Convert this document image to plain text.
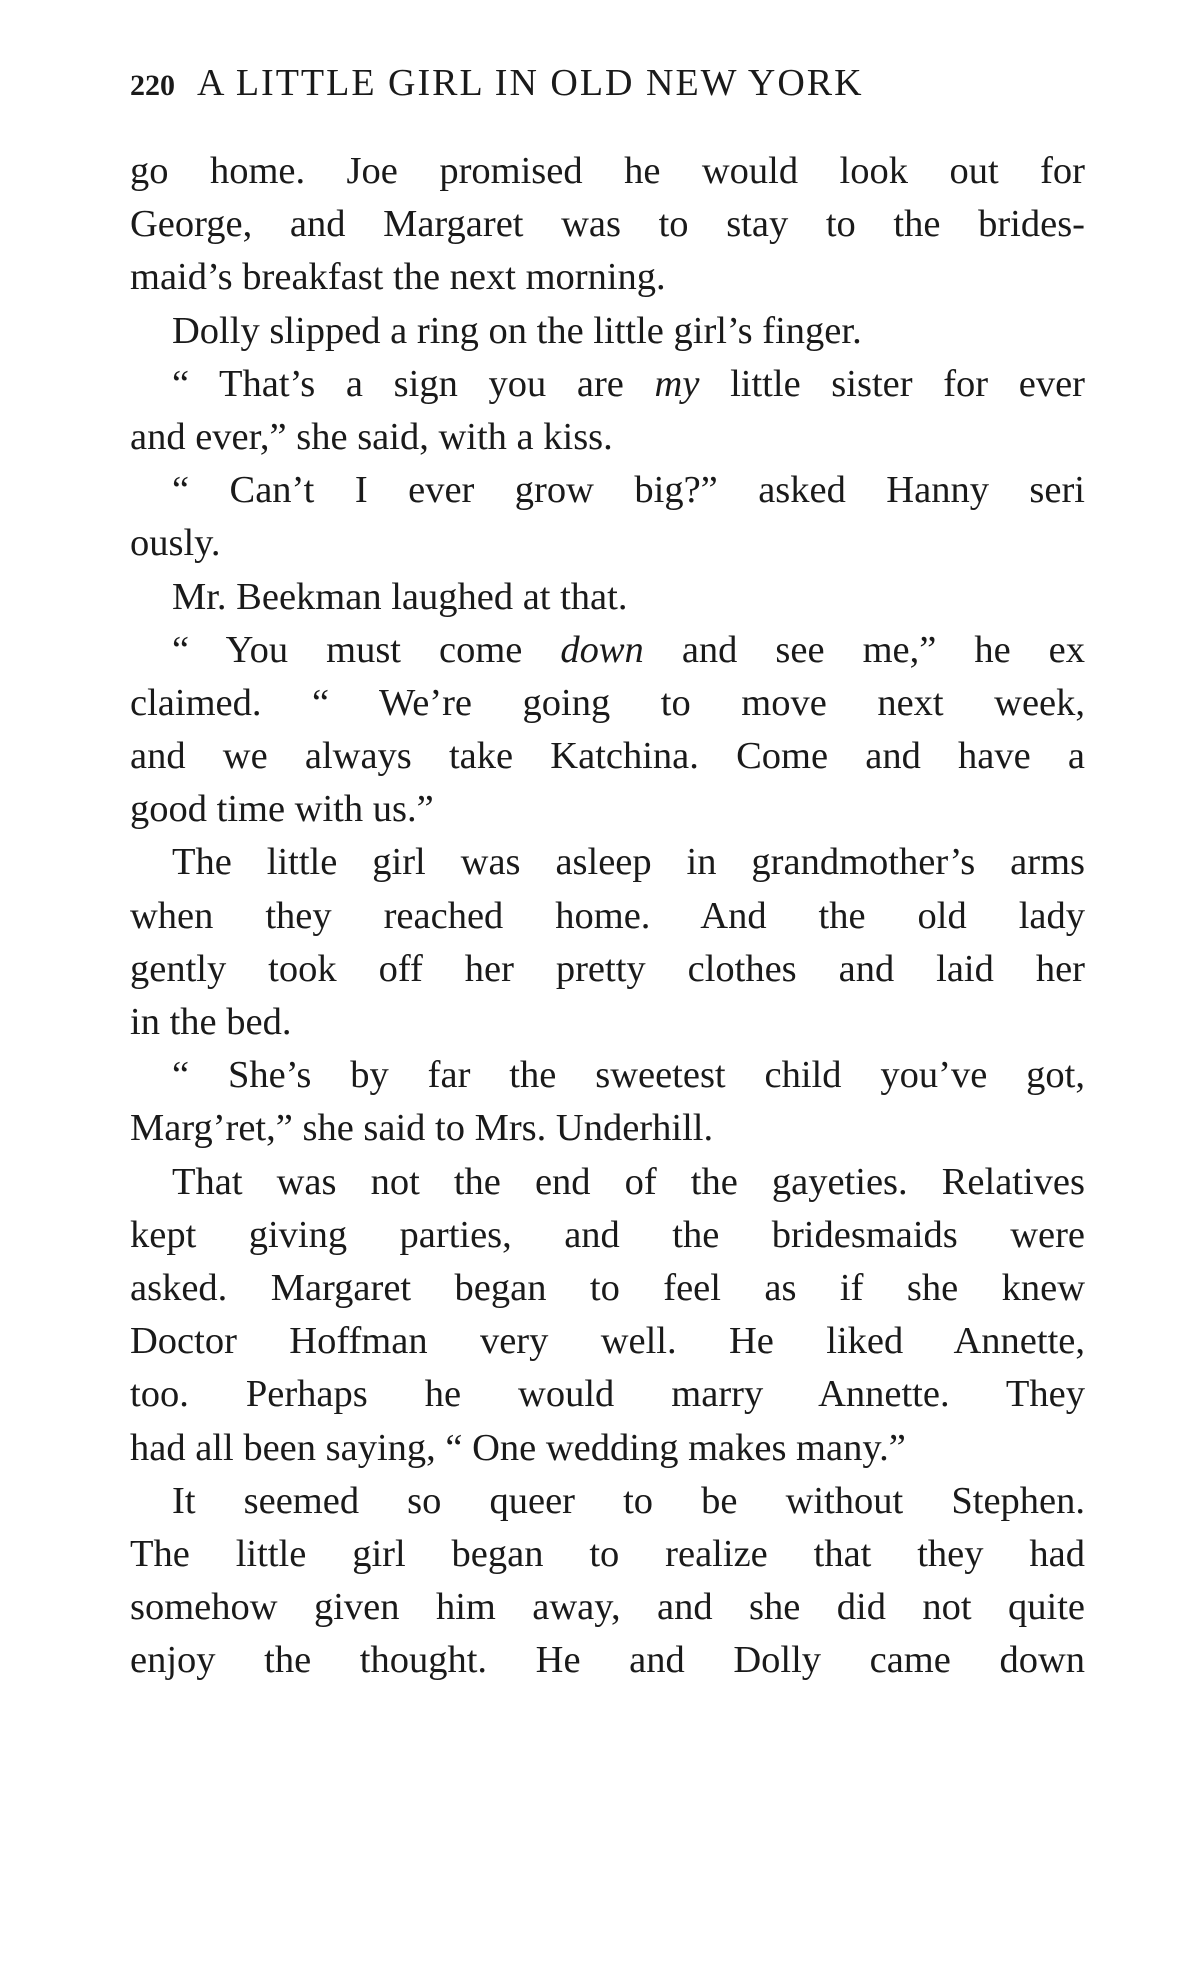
220 A LITTLE GIRL IN OLD NEW YORK
go home. Joe promised he would look out for
George, and Margaret was to stay to the brides-
maid’s breakfast the next morning.
Dolly slipped a ring on the little girl’s finger.
“ That’s a sign you are my little sister for ever
and ever,” she said, with a kiss.
“ Can’t I ever grow big?” asked Hanny seri
ously.
Mr. Beekman laughed at that.
“ You must come down and see me,” he ex
claimed. “ We’re going to move next week,
and we always take Katchina. Come and have a
good time with us.”
The little girl was asleep in grandmother’s arms
when they reached home. And the old lady
gently took off her pretty clothes and laid her
in the bed.
“ She’s by far the sweetest child you’ve got,
Marg’ret,” she said to Mrs. Underhill.
That was not the end of the gayeties. Relatives
kept giving parties, and the bridesmaids were
asked. Margaret began to feel as if she knew
Doctor Hoffman very well. He liked Annette,
too. Perhaps he would marry Annette. They
had all been saying, “ One wedding makes many.”
It seemed so queer to be without Stephen.
The little girl began to realize that they had
somehow given him away, and she did not quite
enjoy the thought. He and Dolly came down
